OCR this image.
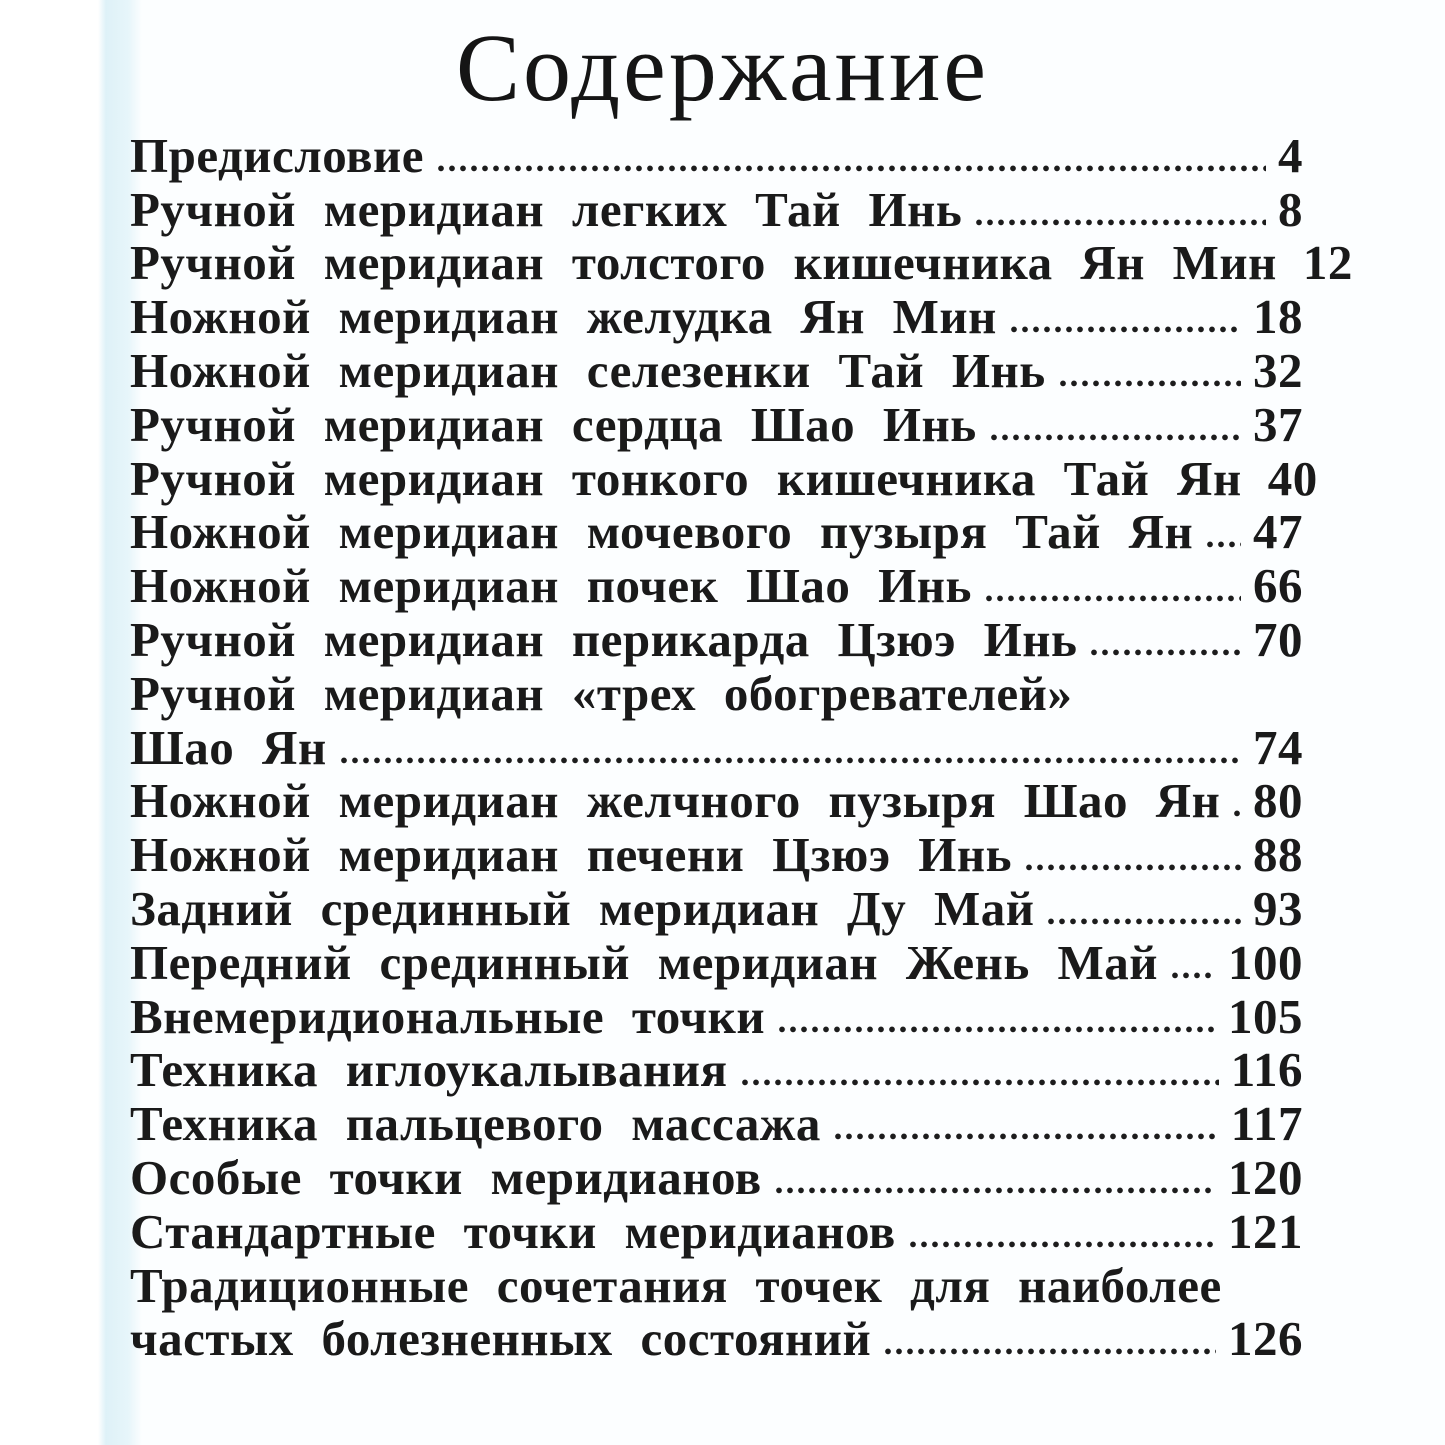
Содержание
Предисловие	4
Ручной меридиан легких Тай Инь	8
Ручной меридиан толстого кишечника Ян Мин 12
Ножной меридиан желудка Ян Мин	18
Ножной меридиан селезенки Тай Инь	32
Ручной меридиан сердца Шао Инь	37
Ручной меридиан тонкого кишечника Тай Ян 40
Ножной меридиан мочевого пузыря Тай Ян 47
Ножной меридиан почек Шао Инь	66
Ручной меридиан перикарда Цзюэ Инь	70
Ручной меридиан «трех обогревателей»
Шао Ян	74
Ножной меридиан желчного пузыря Шао Ян 80
Ножной меридиан печени Цзюэ Инь	88
Задний срединный меридиан Ду Май	93
Передний срединный меридиан Жень Май 100
Внемеридиональные точки	105
Техника иглоукалывания	116
Техника пальцевого массажа	117
Особые точки меридианов	120
Стандартные точки меридианов	121
Традиционные сочетания точек для наиболее
частых болезненных состояний	126
